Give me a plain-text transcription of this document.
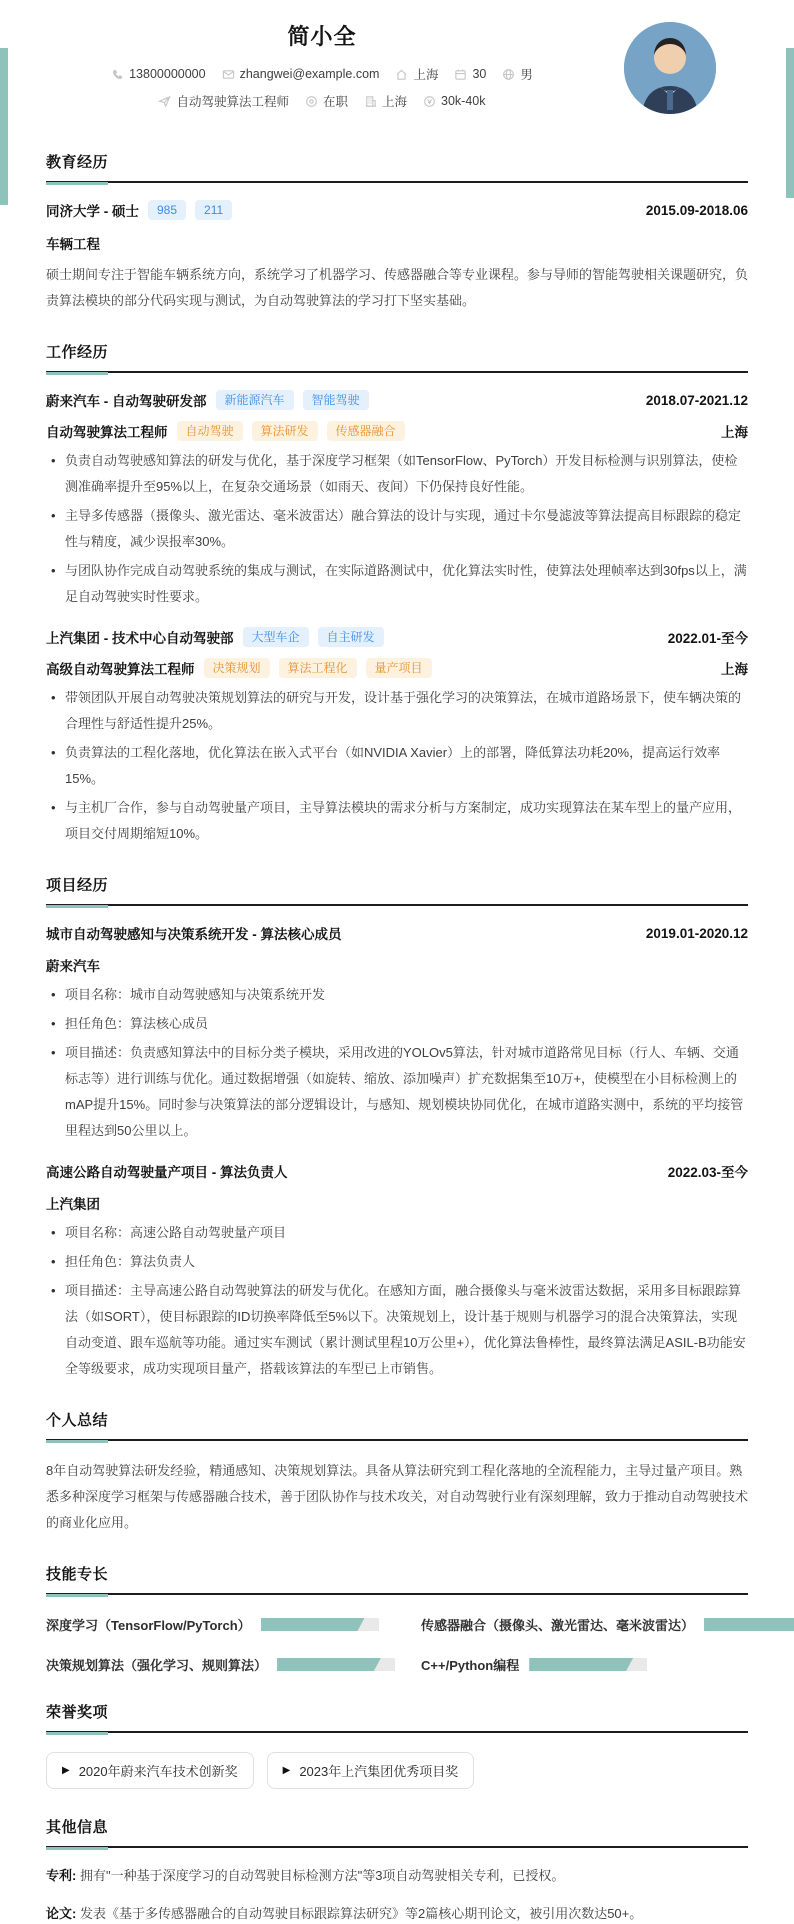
简小全
13800000000	zhangwei@example.com	上海	30	男
自动驾驶算法工程师	在职	上海	30k-40k
教育经历
同济大学 - 硕士	985	211	2015.09-2018.06
车辆工程
硕士期间专注于智能车辆系统方向，系统学习了机器学习、传感器融合等专业课程。参与导师的智能驾驶相关课题研究，负责算法模块的部分代码实现与测试，为自动驾驶算法的学习打下坚实基础。
工作经历
蔚来汽车 - 自动驾驶研发部	新能源汽车	智能驾驶	2018.07-2021.12
自动驾驶算法工程师	自动驾驶	算法研发	传感器融合	上海
• 负责自动驾驶感知算法的研发与优化，基于深度学习框架（如TensorFlow、PyTorch）开发目标检测与识别算法，使检测准确率提升至95%以上，在复杂交通场景（如雨天、夜间）下仍保持良好性能。
• 主导多传感器（摄像头、激光雷达、毫米波雷达）融合算法的设计与实现，通过卡尔曼滤波等算法提高目标跟踪的稳定性与精度，减少误报率30%。
• 与团队协作完成自动驾驶系统的集成与测试，在实际道路测试中，优化算法实时性，使算法处理帧率达到30fps以上，满足自动驾驶实时性要求。
上汽集团 - 技术中心自动驾驶部	大型车企	自主研发	2022.01-至今
高级自动驾驶算法工程师	决策规划	算法工程化	量产项目	上海
• 带领团队开展自动驾驶决策规划算法的研究与开发，设计基于强化学习的决策算法，在城市道路场景下，使车辆决策的合理性与舒适性提升25%。
• 负责算法的工程化落地，优化算法在嵌入式平台（如NVIDIA Xavier）上的部署，降低算法功耗20%，提高运行效率15%。
• 与主机厂合作，参与自动驾驶量产项目，主导算法模块的需求分析与方案制定，成功实现算法在某车型上的量产应用，项目交付周期缩短10%。
项目经历
城市自动驾驶感知与决策系统开发 - 算法核心成员	2019.01-2020.12
蔚来汽车
• 项目名称：城市自动驾驶感知与决策系统开发
• 担任角色：算法核心成员
• 项目描述：负责感知算法中的目标分类子模块，采用改进的YOLOv5算法，针对城市道路常见目标（行人、车辆、交通标志等）进行训练与优化。通过数据增强（如旋转、缩放、添加噪声）扩充数据集至10万+，使模型在小目标检测上的mAP提升15%。同时参与决策算法的部分逻辑设计，与感知、规划模块协同优化，在城市道路实测中，系统的平均接管里程达到50公里以上。
高速公路自动驾驶量产项目 - 算法负责人	2022.03-至今
上汽集团
• 项目名称：高速公路自动驾驶量产项目
• 担任角色：算法负责人
• 项目描述：主导高速公路自动驾驶算法的研发与优化。在感知方面，融合摄像头与毫米波雷达数据，采用多目标跟踪算法（如SORT），使目标跟踪的ID切换率降低至5%以下。决策规划上，设计基于规则与机器学习的混合决策算法，实现自动变道、跟车巡航等功能。通过实车测试（累计测试里程10万公里+），优化算法鲁棒性，最终算法满足ASIL-B功能安全等级要求，成功实现项目量产，搭载该算法的车型已上市销售。
个人总结
8年自动驾驶算法研发经验，精通感知、决策规划算法。具备从算法研究到工程化落地的全流程能力，主导过量产项目。熟悉多种深度学习框架与传感器融合技术，善于团队协作与技术攻关，对自动驾驶行业有深刻理解，致力于推动自动驾驶技术的商业化应用。
技能专长
深度学习（TensorFlow/PyTorch）	传感器融合（摄像头、激光雷达、毫米波雷达）
决策规划算法（强化学习、规则算法）	C++/Python编程
荣誉奖项
▶ 2020年蔚来汽车技术创新奖	▶ 2023年上汽集团优秀项目奖
其他信息

专利: 拥有"一种基于深度学习的自动驾驶目标检测方法"等3项自动驾驶相关专利，已授权。

论文: 发表《基于多传感器融合的自动驾驶目标跟踪算法研究》等2篇核心期刊论文，被引用次数达50+。
